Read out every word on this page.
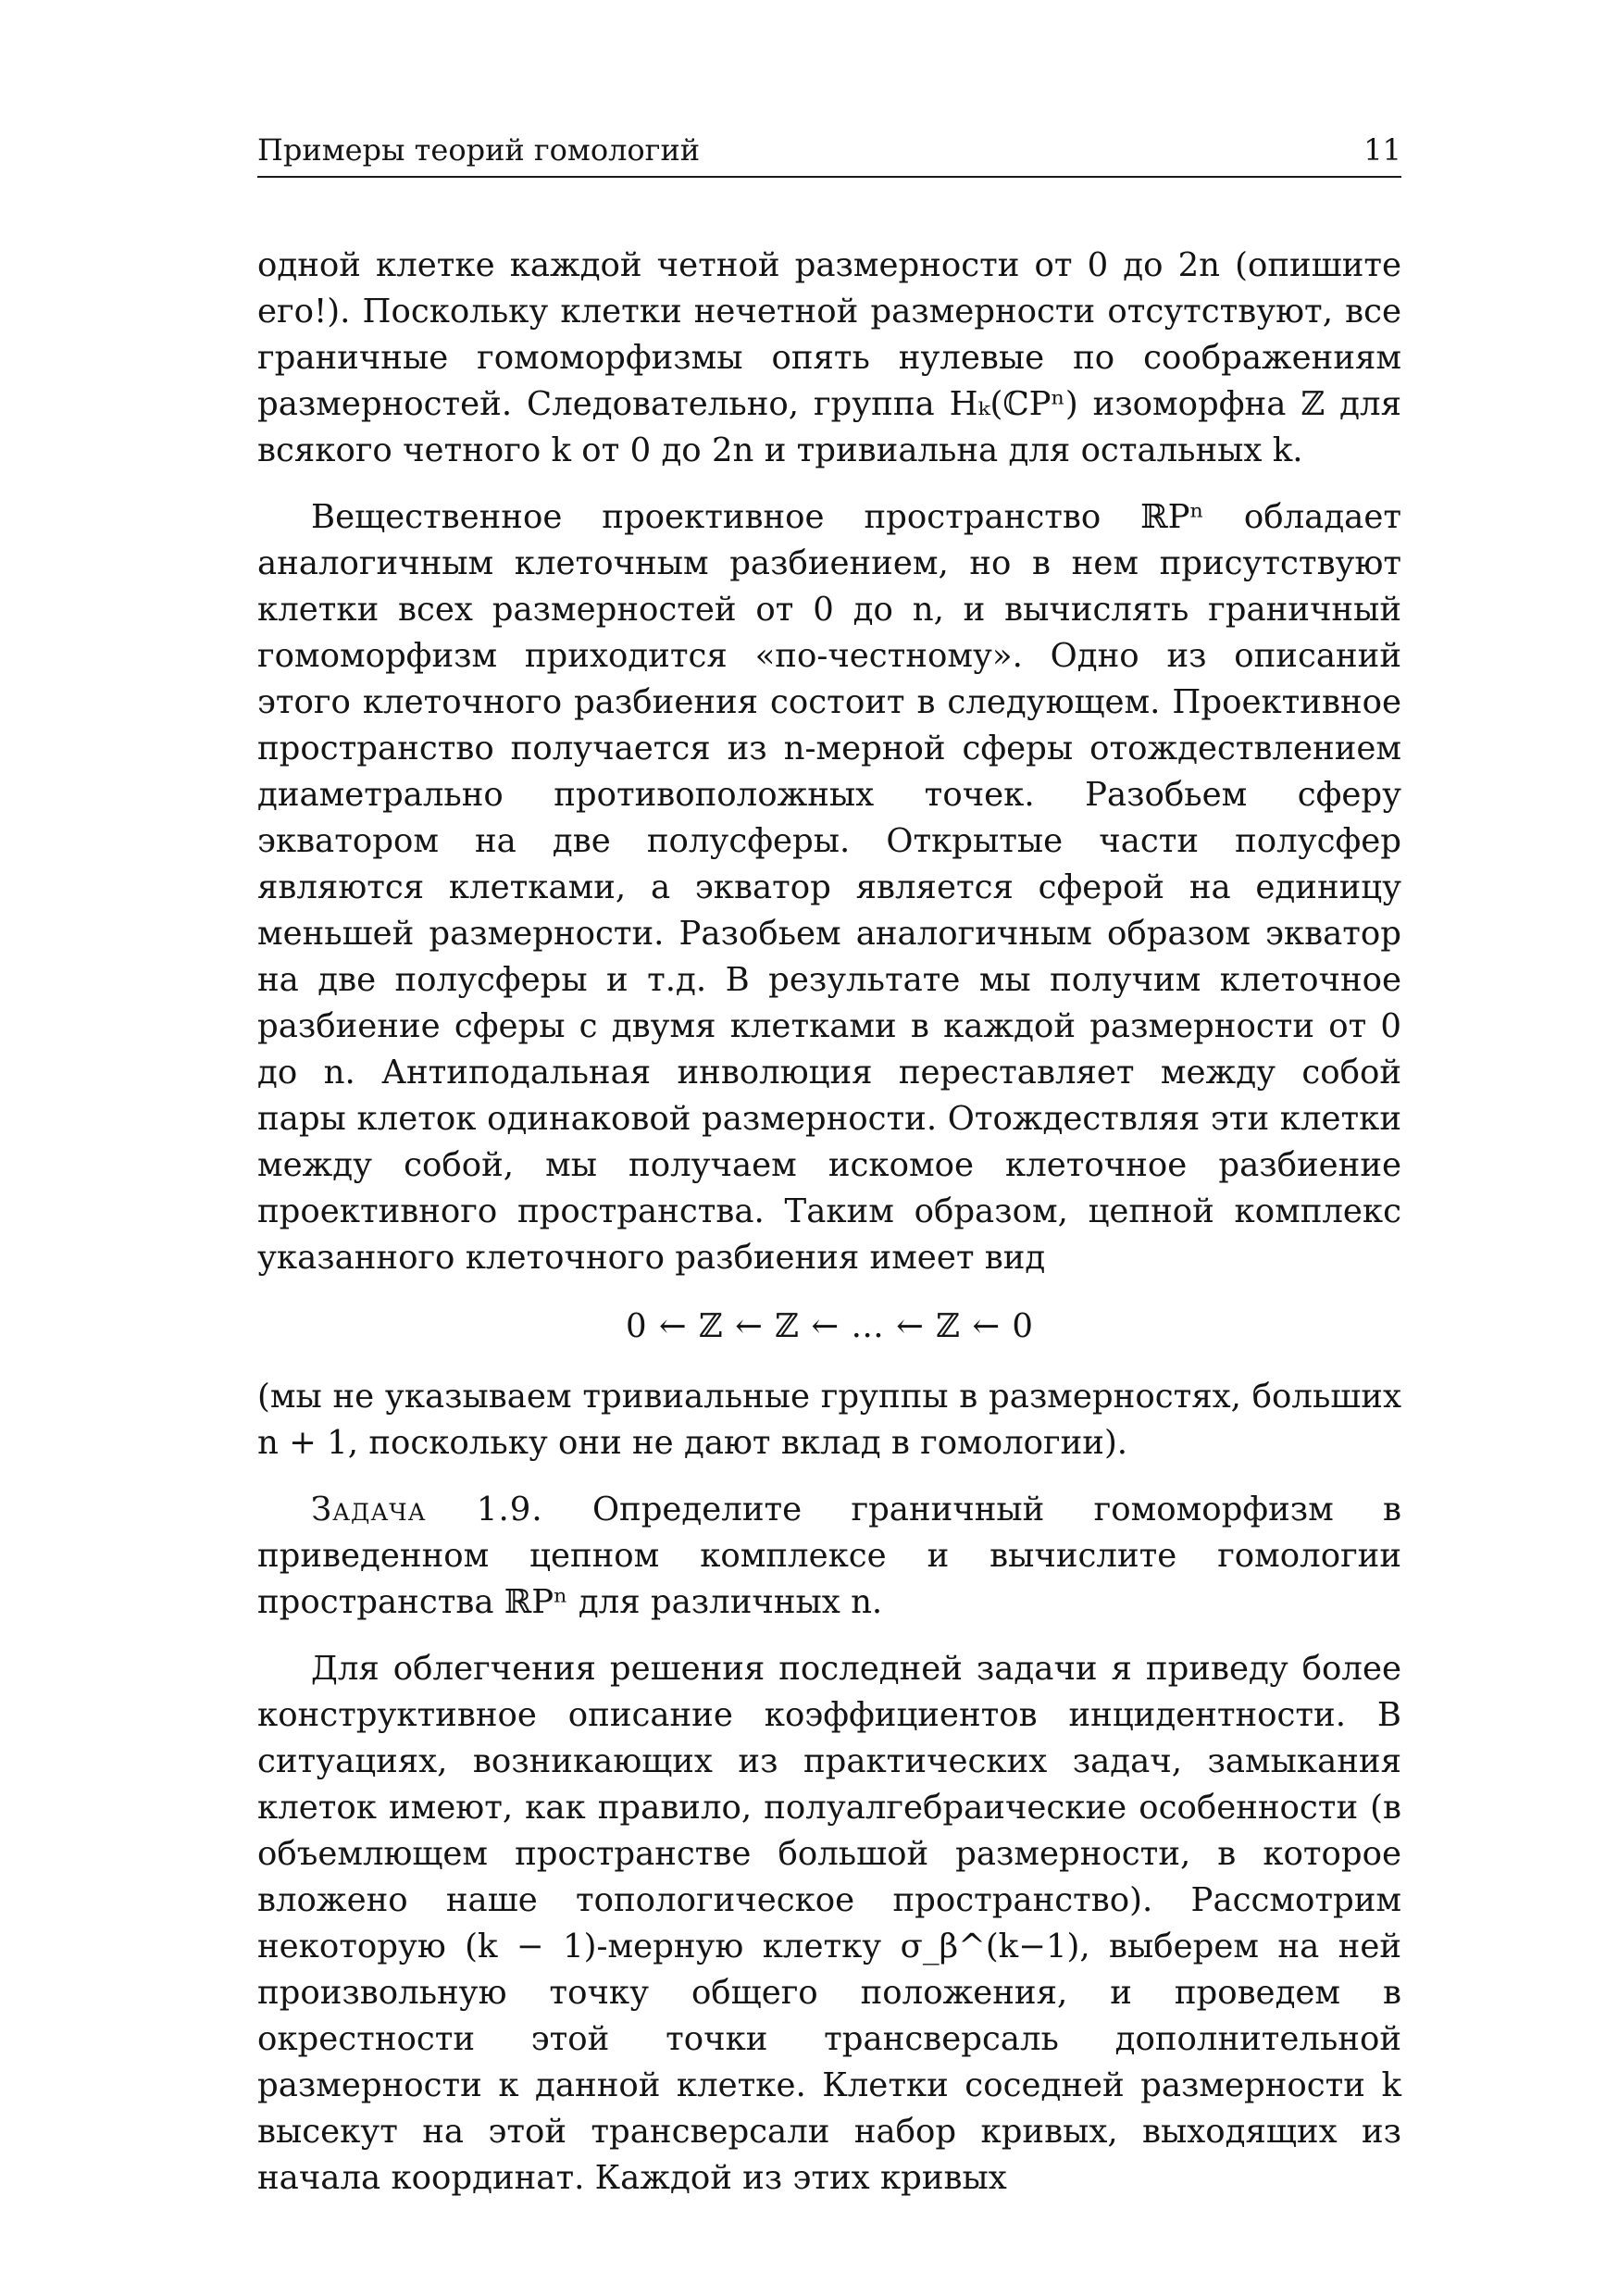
Примеры теорий гомологий	11

одной клетке каждой четной размерности от 0 до 2n (опишите его!). Поскольку клетки нечетной размерности отсутствуют, все граничные гомоморфизмы опять нулевые по соображениям размерностей. Следовательно, группа Hₖ(ℂPⁿ) изоморфна ℤ для всякого четного k от 0 до 2n и тривиальна для остальных k.

Вещественное проективное пространство ℝPⁿ обладает аналогичным клеточным разбиением, но в нем присутствуют клетки всех размерностей от 0 до n, и вычислять граничный гомоморфизм приходится «по-честному». Одно из описаний этого клеточного разбиения состоит в следующем. Проективное пространство получается из n-мерной сферы отождествлением диаметрально противоположных точек. Разобьем сферу экватором на две полусферы. Открытые части полусфер являются клетками, а экватор является сферой на единицу меньшей размерности. Разобьем аналогичным образом экватор на две полусферы и т.д. В результате мы получим клеточное разбиение сферы с двумя клетками в каждой размерности от 0 до n. Антиподальная инволюция переставляет между собой пары клеток одинаковой размерности. Отождествляя эти клетки между собой, мы получаем искомое клеточное разбиение проективного пространства. Таким образом, цепной комплекс указанного клеточного разбиения имеет вид

0 ← ℤ ← ℤ ← … ← ℤ ← 0

(мы не указываем тривиальные группы в размерностях, больших n + 1, поскольку они не дают вклад в гомологии).

Задача 1.9. Определите граничный гомоморфизм в приведенном цепном комплексе и вычислите гомологии пространства ℝPⁿ для различных n.

Для облегчения решения последней задачи я приведу более конструктивное описание коэффициентов инцидентности. В ситуациях, возникающих из практических задач, замыкания клеток имеют, как правило, полуалгебраические особенности (в объемлющем пространстве большой размерности, в которое вложено наше топологическое пространство). Рассмотрим некоторую (k − 1)-мерную клетку σ_β^(k−1), выберем на ней произвольную точку общего положения, и проведем в окрестности этой точки трансверсаль дополнительной размерности к данной клетке. Клетки соседней размерности k высекут на этой трансверсали набор кривых, выходящих из начала координат. Каждой из этих кривых
